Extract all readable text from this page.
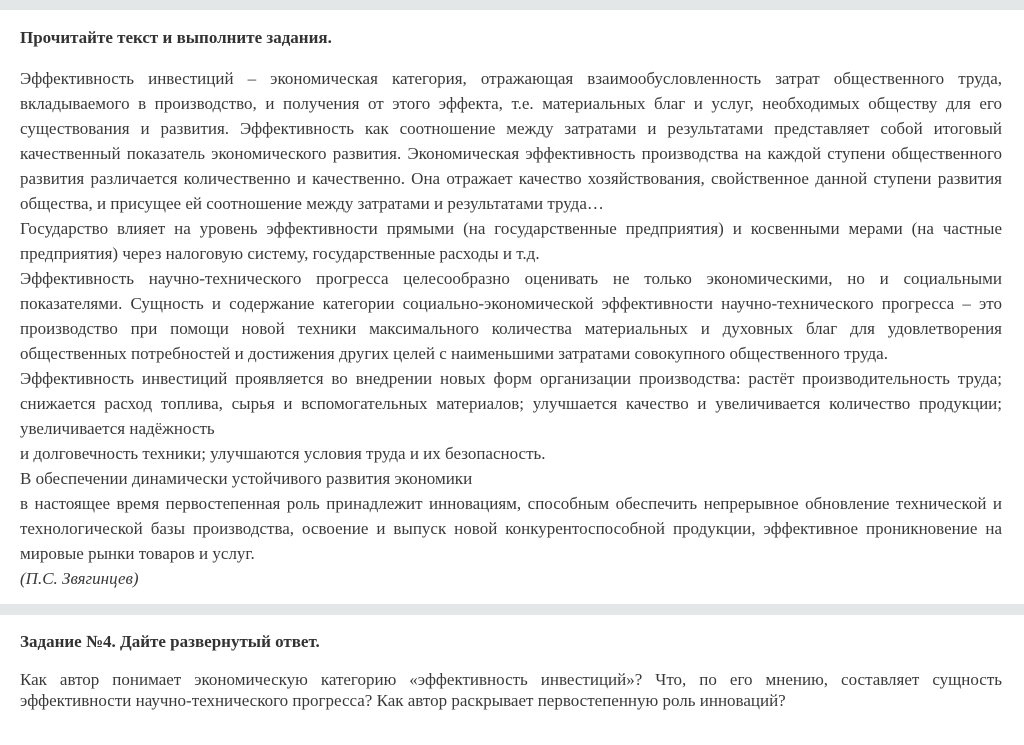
Прочитайте текст и выполните задания.

Эффективность инвестиций – экономическая категория, отражающая взаимообусловленность затрат общественного труда, вкладываемого в производство, и получения от этого эффекта, т.е. материальных благ и услуг, необходимых обществу для его существования и развития. Эффективность как соотношение между затратами и результатами представляет собой итоговый качественный показатель экономического развития. Экономическая эффективность производства на каждой ступени общественного развития различается количественно и качественно. Она отражает качество хозяйствования, свойственное данной ступени развития общества, и присущее ей соотношение между затратами и результатами труда…

Государство влияет на уровень эффективности прямыми (на государственные предприятия) и косвенными мерами (на частные предприятия) через налоговую систему, государственные расходы и т.д.

Эффективность научно-технического прогресса целесообразно оценивать не только экономическими, но и социальными показателями. Сущность и содержание категории социально-экономической эффективности научно-технического прогресса – это производство при помощи новой техники максимального количества материальных и духовных благ для удовлетворения общественных потребностей и достижения других целей с наименьшими затратами совокупного общественного труда.

Эффективность инвестиций проявляется во внедрении новых форм организации производства: растёт производительность труда; снижается расход топлива, сырья и вспомогательных материалов; улучшается качество и увеличивается количество продукции; увеличивается надёжность

и долговечность техники; улучшаются условия труда и их безопасность.

В обеспечении динамически устойчивого развития экономики

в настоящее время первостепенная роль принадлежит инновациям, способным обеспечить непрерывное обновление технической и технологической базы производства, освоение и выпуск новой конкурентоспособной продукции, эффективное проникновение на мировые рынки товаров и услуг.

(П.С. Звягинцев)

Задание №4. Дайте развернутый ответ.

Как автор понимает экономическую категорию «эффективность инвестиций»? Что, по его мнению, составляет сущность эффективности научно-технического прогресса? Как автор раскрывает первостепенную роль инноваций?
